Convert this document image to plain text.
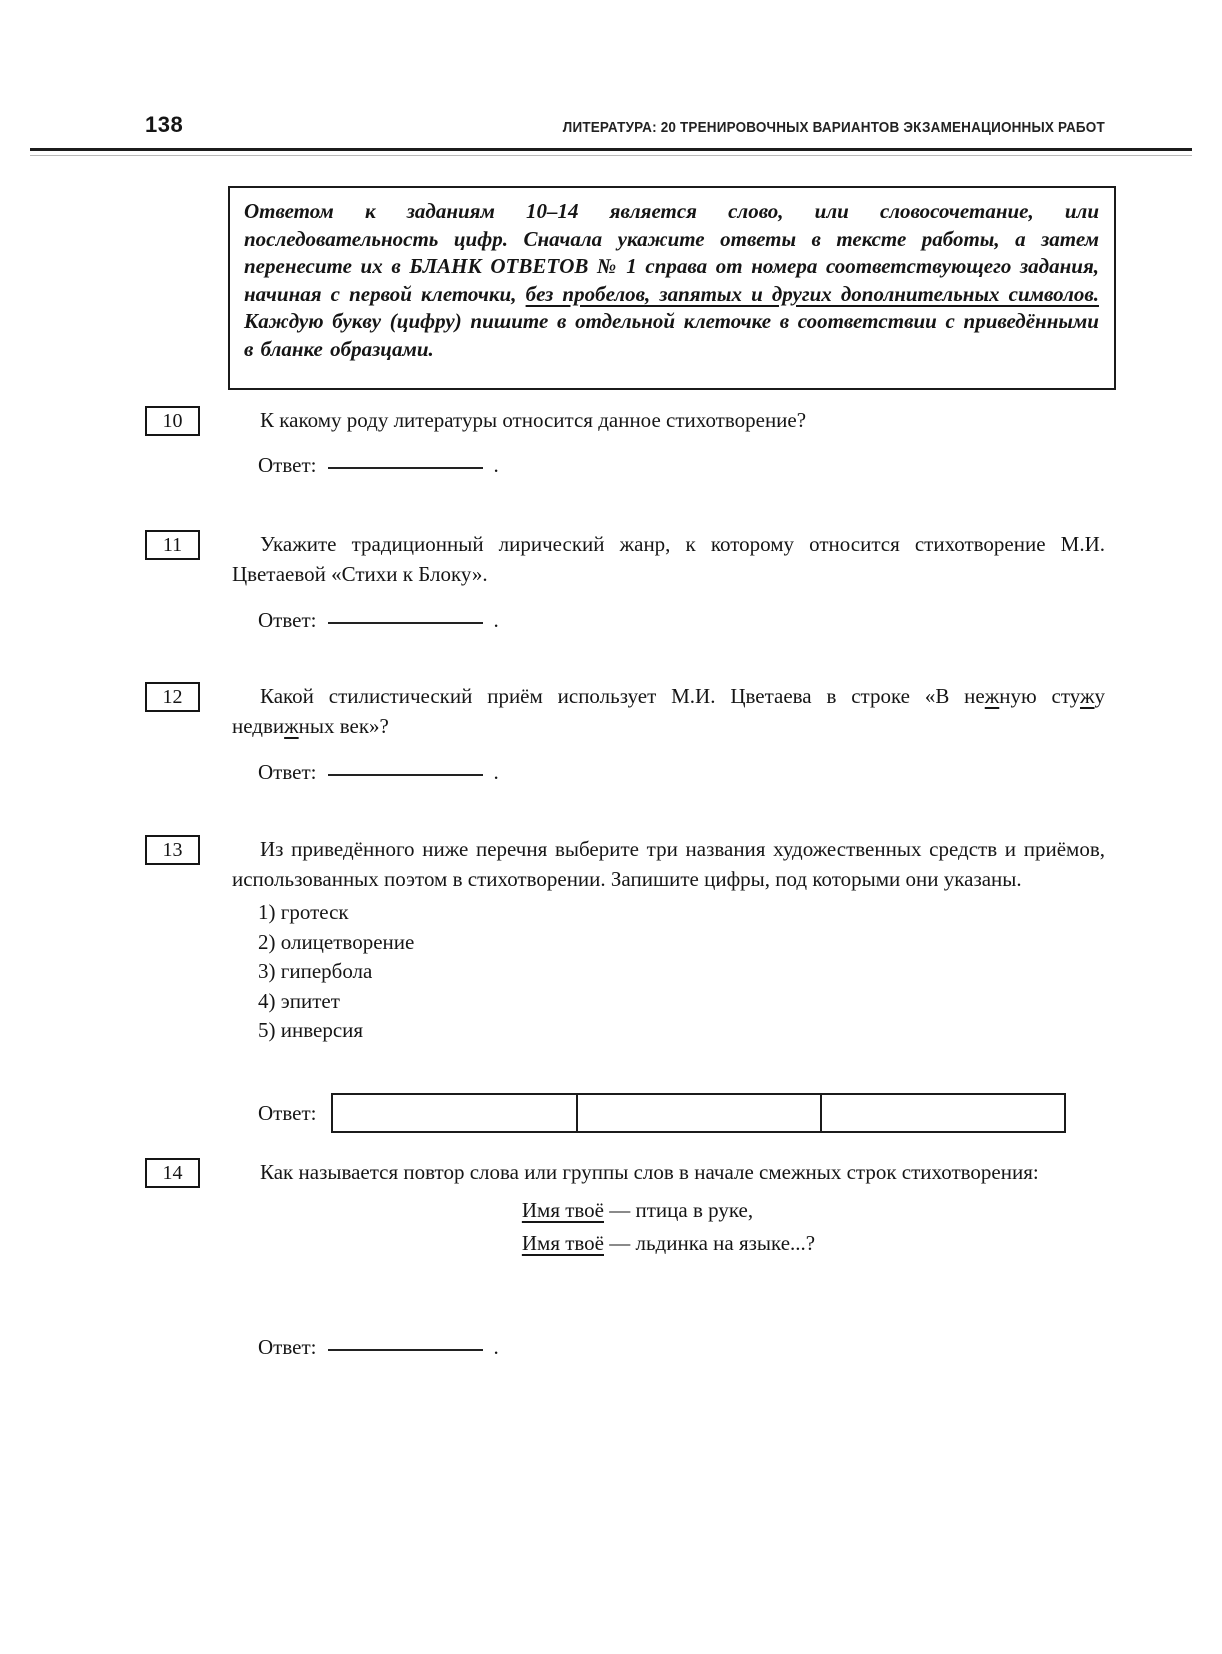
138	ЛИТЕРАТУРА: 20 ТРЕНИРОВОЧНЫХ ВАРИАНТОВ ЭКЗАМЕНАЦИОННЫХ РАБОТ
Ответом к заданиям 10–14 является слово, или словосочетание, или последовательность цифр. Сначала укажите ответы в тексте работы, а затем перенесите их в БЛАНК ОТВЕТОВ № 1 справа от номера соответствующего задания, начиная с первой клеточки, без пробелов, запятых и других дополнительных символов. Каждую букву (цифру) пишите в отдельной клеточке в соответствии с приведёнными в бланке образцами.
10	К какому роду литературы относится данное стихотворение?

Ответ:	.
11	Укажите традиционный лирический жанр, к которому относится стихотворение М.И. Цветаевой «Стихи к Блоку».

Ответ:	.
12	Какой стилистический приём использует М.И. Цветаева в строке «В нежную стужу недвижных век»?

Ответ:	.
13	Из приведённого ниже перечня выберите три названия художественных средств и приёмов, использованных поэтом в стихотворении. Запишите цифры, под которыми они указаны.

1) гротеск
2) олицетворение
3) гипербола
4) эпитет
5) инверсия
Ответ:
14	Как называется повтор слова или группы слов в начале смежных строк стихотворения:

Имя твоё — птица в руке,
Имя твоё — льдинка на языке...?
Ответ:	.
